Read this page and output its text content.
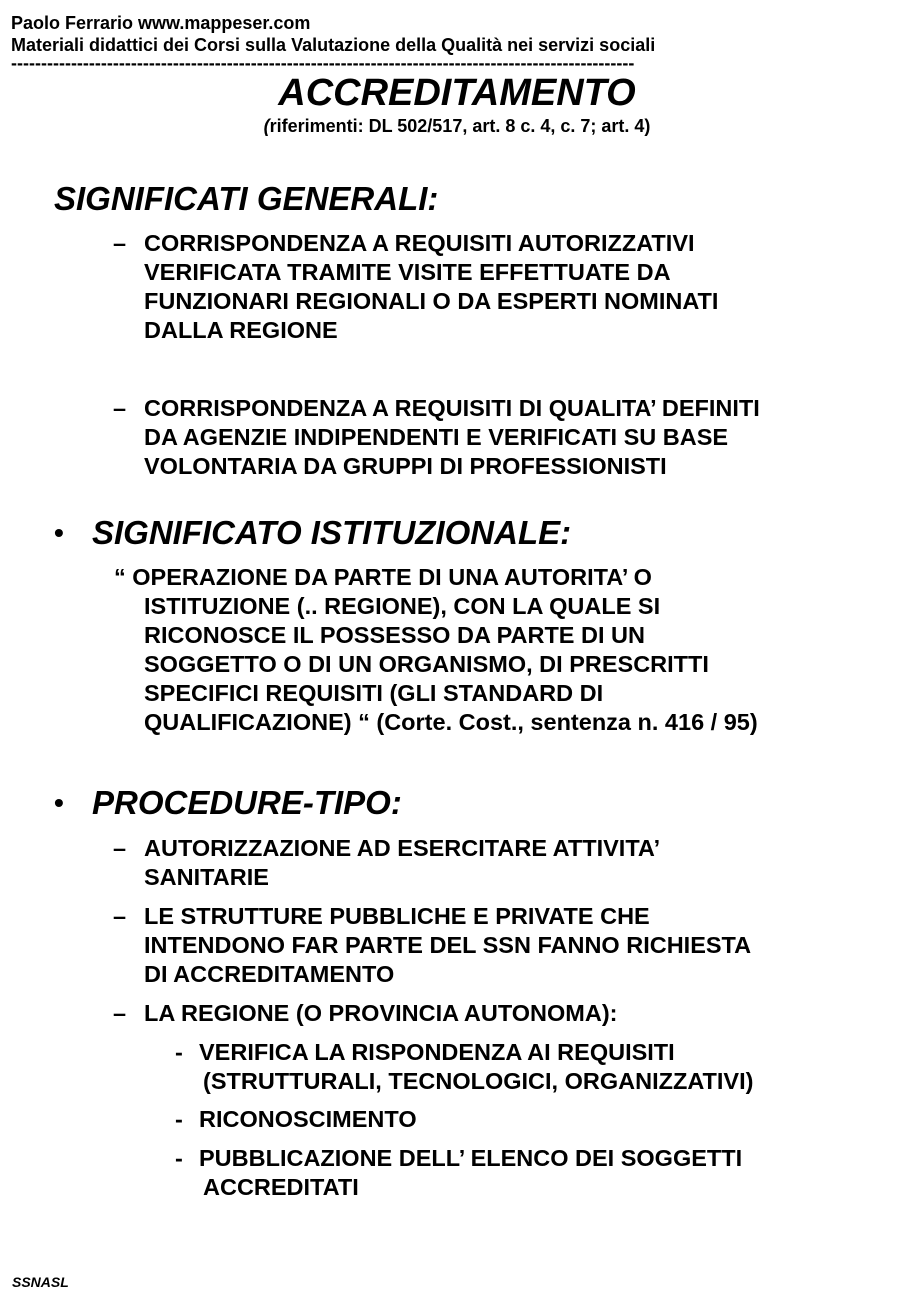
Paolo Ferrario www.mappeser.com
Materiali didattici dei Corsi sulla Valutazione della Qualità nei servizi sociali
--------------------------------------------------------------------------------------------------------
ACCREDITAMENTO
(riferimenti: DL 502/517, art. 8 c. 4, c. 7; art. 4)
SIGNIFICATI GENERALI:
– CORRISPONDENZA A REQUISITI AUTORIZZATIVI
VERIFICATA TRAMITE VISITE EFFETTUATE DA
FUNZIONARI REGIONALI O DA ESPERTI NOMINATI
DALLA REGIONE
– CORRISPONDENZA A REQUISITI DI QUALITA’ DEFINITI
DA AGENZIE INDIPENDENTI E VERIFICATI SU BASE
VOLONTARIA DA GRUPPI DI PROFESSIONISTI
• SIGNIFICATO ISTITUZIONALE:
“ OPERAZIONE DA PARTE DI UNA AUTORITA’ O
ISTITUZIONE (.. REGIONE), CON LA QUALE SI
RICONOSCE IL POSSESSO DA PARTE DI UN
SOGGETTO O DI UN ORGANISMO, DI PRESCRITTI
SPECIFICI REQUISITI (GLI STANDARD DI
QUALIFICAZIONE) “ (Corte. Cost., sentenza n. 416 / 95)
• PROCEDURE-TIPO:
– AUTORIZZAZIONE AD ESERCITARE ATTIVITA’
SANITARIE
– LE STRUTTURE PUBBLICHE E PRIVATE CHE
INTENDONO FAR PARTE DEL SSN FANNO RICHIESTA
DI ACCREDITAMENTO
– LA REGIONE (O PROVINCIA AUTONOMA):
- VERIFICA LA RISPONDENZA AI REQUISITI
(STRUTTURALI, TECNOLOGICI, ORGANIZZATIVI)
- RICONOSCIMENTO
- PUBBLICAZIONE DELL’ ELENCO DEI SOGGETTI
ACCREDITATI
SSNASL
